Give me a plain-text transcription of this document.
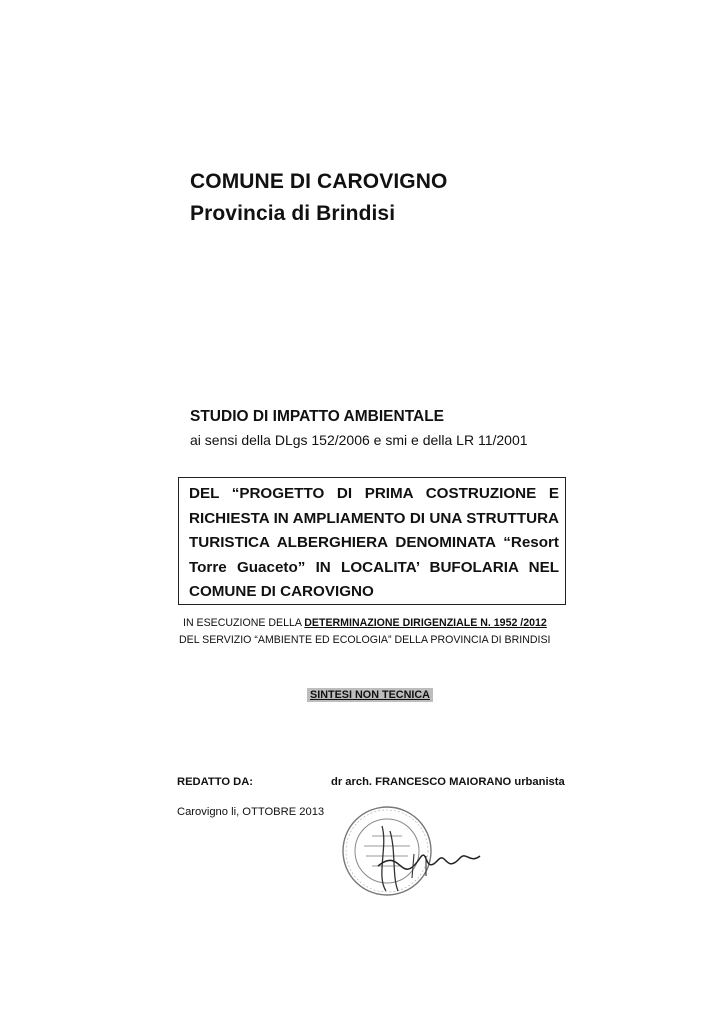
COMUNE DI CAROVIGNO
Provincia di Brindisi
STUDIO DI IMPATTO AMBIENTALE
ai sensi della DLgs 152/2006 e smi e della LR 11/2001
DEL “PROGETTO DI PRIMA COSTRUZIONE E
RICHIESTA IN AMPLIAMENTO DI UNA STRUTTURA
TURISTICA ALBERGHIERA DENOMINATA “Resort
Torre Guaceto” IN LOCALITA’ BUFOLARIA NEL
COMUNE DI CAROVIGNO
IN ESECUZIONE DELLA DETERMINAZIONE DIRIGENZIALE N. 1952 /2012
DEL SERVIZIO “AMBIENTE ED ECOLOGIA” DELLA PROVINCIA DI BRINDISI
SINTESI NON TECNICA
REDATTO DA:	dr arch. FRANCESCO MAIORANO urbanista
Carovigno li, OTTOBRE 2013
